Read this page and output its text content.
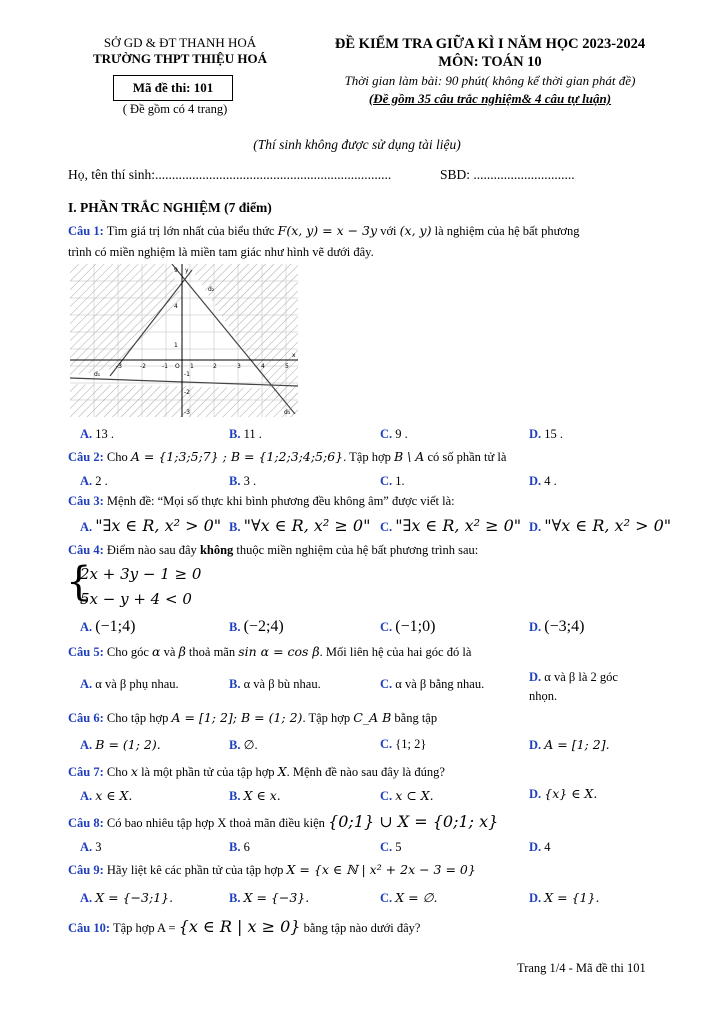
SỞ GD & ĐT THANH HOÁ
TRƯỜNG THPT THIỆU HOÁ
Mã đề thi: 101
( Đề gồm có 4 trang)
ĐỀ KIỂM TRA GIỮA KÌ I NĂM HỌC 2023-2024
MÔN: TOÁN 10
Thời gian làm bài: 90 phút( không kể thời gian phát đề)
(Đề gồm 35 câu trắc nghiệm& 4 câu tự luận)
(Thí sinh không được sử dụng tài liệu)
Họ, tên thí sinh:......................................................................	SBD: ..............................
I. PHẦN TRẮC NGHIỆM (7 điểm)
Câu 1: Tìm giá trị lớn nhất của biểu thức F(x, y) = x − 3y với (x, y) là nghiệm của hệ bất phương
trình có miền nghiệm là miền tam giác như hình vẽ dưới đây.
9
4
1
-1
-2
-3
-3	-2	-1 O 1	2	3	4	5
x
y
d₁
d₂
d₃
A. 13 .	B. 11 .	C. 9 .	D. 15 .
Câu 2: Cho A = {1;3;5;7} ; B = {1;2;3;4;5;6}. Tập hợp B \ A có số phần tử là
A. 2 .	B. 3 .	C. 1.	D. 4 .
Câu 3: Mệnh đề: “Mọi số thực khi bình phương đều không âm” được viết là:
A. "∃x ∈ R, x² > 0" B. "∀x ∈ R, x² ≥ 0" C. "∃x ∈ R, x² ≥ 0" D. "∀x ∈ R, x² > 0"
Câu 4: Điểm nào sau đây không thuộc miền nghiệm của hệ bất phương trình sau:
{
2x + 3y − 1 ≥ 0
5x − y + 4 < 0
A. (−1;4)	B. (−2;4)	C. (−1;0)	D. (−3;4)
Câu 5: Cho góc α và β thoả mãn sin α = cos β. Mối liên hệ của hai góc đó là
A. α và β phụ nhau.	B. α và β bù nhau.	C. α và β bằng nhau.	D. α và β là 2 góc
nhọn.
Câu 6: Cho tập hợp A = [1; 2]; B = (1; 2). Tập hợp C_A B bằng tập
A. B = (1; 2).	B. ∅.	C. {1; 2}	D. A = [1; 2].
Câu 7: Cho x là một phần tử của tập hợp X. Mệnh đề nào sau đây là đúng?
A. x ∈ X.	B. X ∈ x.	C. x ⊂ X.	D. {x} ∈ X.
Câu 8: Có bao nhiêu tập hợp X thoả mãn điều kiện {0;1} ∪ X = {0;1; x}
A. 3	B. 6	C. 5	D. 4
Câu 9: Hãy liệt kê các phần tử của tập hợp X = {x ∈ ℕ | x² + 2x − 3 = 0}
A. X = {−3;1}.	B. X = {−3}.	C. X = ∅.	D. X = {1}.
Câu 10: Tập hợp A = {x ∈ R | x ≥ 0} bằng tập nào dưới đây?
Trang 1/4 - Mã đề thi 101
